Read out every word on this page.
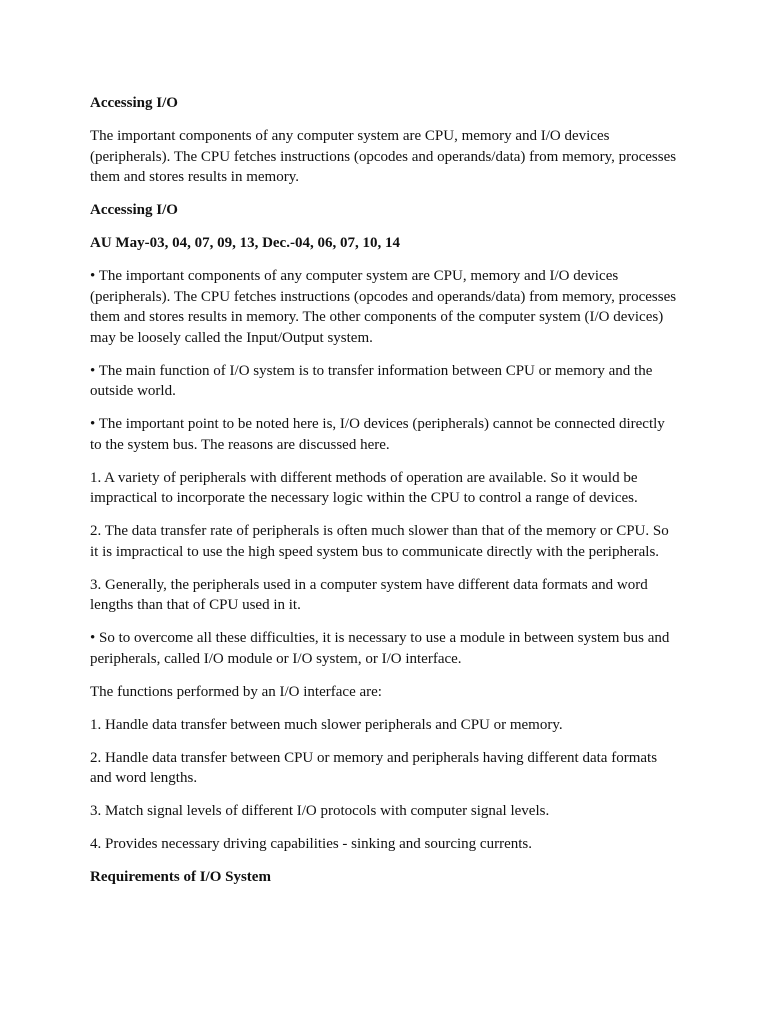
Accessing I/O

The important components of any computer system are CPU, memory and I/O devices (peripherals). The CPU fetches instructions (opcodes and operands/data) from memory, processes them and stores results in memory.

Accessing I/O

AU May-03, 04, 07, 09, 13, Dec.-04, 06, 07, 10, 14

• The important components of any computer system are CPU, memory and I/O devices (peripherals). The CPU fetches instructions (opcodes and operands/data) from memory, processes them and stores results in memory. The other components of the computer system (I/O devices) may be loosely called the Input/Output system.

• The main function of I/O system is to transfer information between CPU or memory and the outside world.

• The important point to be noted here is, I/O devices (peripherals) cannot be connected directly to the system bus. The reasons are discussed here.

1. A variety of peripherals with different methods of operation are available. So it would be impractical to incorporate the necessary logic within the CPU to control a range of devices.

2. The data transfer rate of peripherals is often much slower than that of the memory or CPU. So it is impractical to use the high speed system bus to communicate directly with the peripherals.

3. Generally, the peripherals used in a computer system have different data formats and word lengths than that of CPU used in it.

• So to overcome all these difficulties, it is necessary to use a module in between system bus and peripherals, called I/O module or I/O system, or I/O interface.

The functions performed by an I/O interface are:

1. Handle data transfer between much slower peripherals and CPU or memory.

2. Handle data transfer between CPU or memory and peripherals having different data formats and word lengths.

3. Match signal levels of different I/O protocols with computer signal levels.

4. Provides necessary driving capabilities - sinking and sourcing currents.

Requirements of I/O System
